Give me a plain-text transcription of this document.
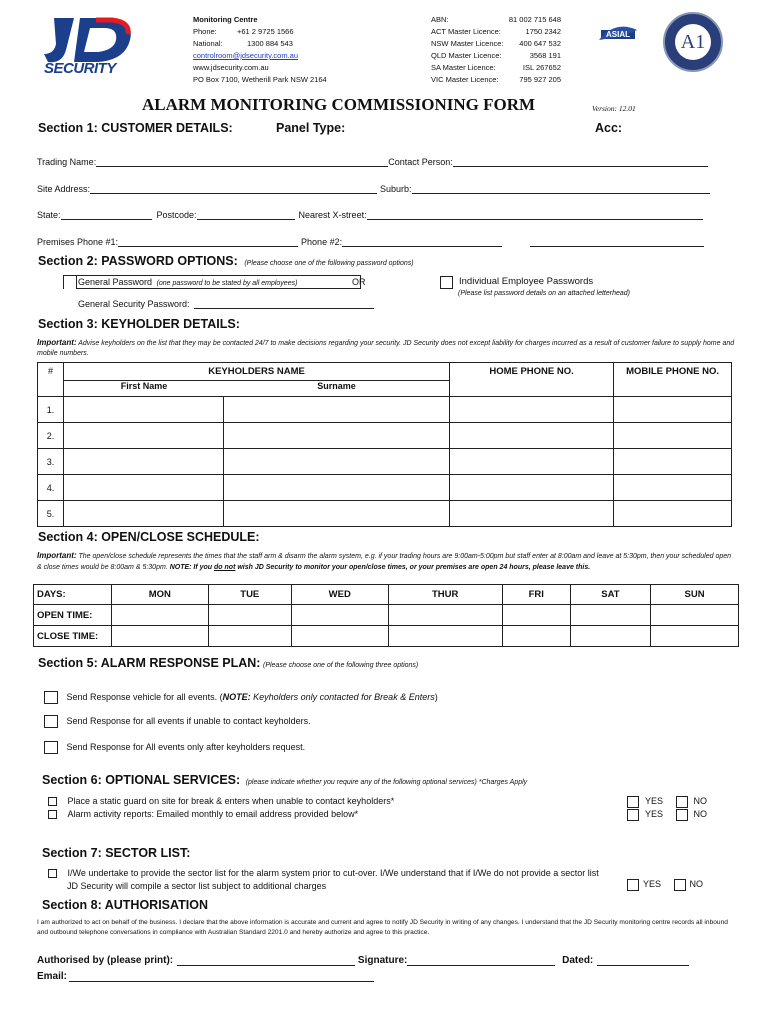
SECURITY
Monitoring Centre
Phone:	+61 2 9725 1566
National:	1300 884 543
controlroom@jdsecurity.com.au
www.jdsecurity.com.au
PO Box 7100, Wetherill Park NSW 2164
ABN:	81 002 715 648
ACT Master Licence:	1750 2342
NSW Master Licence: 400 647 532
QLD Master Licence:	3568 191
SA Master Licence:	ISL 267652
VIC Master Licence:	795 927 205
ASIAL
	A1
ALARM MONITORING COMMISSIONING FORM	Version: 12.01
Section 1: CUSTOMER DETAILS:	Panel Type:	Acc:
Trading Name:	Contact Person:
Site Address:	Suburb:
State:	Postcode:	Nearest X-street:
Premises Phone #1:	Phone #2:
Section 2: PASSWORD OPTIONS: (Please choose one of the following password options)
General Password (one password to be stated by all employees)	OR	Individual Employee Passwords
(Please list password details on an attached letterhead)
General Security Password:
Section 3: KEYHOLDER DETAILS:
Important: Advise keyholders on the list that they may be contacted 24/7 to make decisions regarding your security. JD Security does not except liability for charges incurred as a result of customer failure to supply home and mobile numbers.
#	KEYHOLDERS NAME
First Name Surname		HOME PHONE NO.	MOBILE PHONE NO.
1.				
2.				
3.				
4.				
5.				
Section 4: OPEN/CLOSE SCHEDULE:
Important: The open/close schedule represents the times that the staff arm & disarm the alarm system, e.g. if your trading hours are 9:00am-5:00pm but staff enter at 8:00am and leave at 5:30pm, then your scheduled open & close times would be 8:00am & 5:30pm. NOTE: If you do not wish JD Security to monitor your open/close times, or your premises are open 24 hours, please leave this.
DAYS:	MON	TUE	WED	THUR	FRI	SAT	SUN
OPEN TIME:							
CLOSE TIME:							
Section 5: ALARM RESPONSE PLAN: (Please choose one of the following three options)
Send Response vehicle for all events. (NOTE: Keyholders only contacted for Break & Enters)
Send Response for all events if unable to contact keyholders.
Send Response for All events only after keyholders request.
Section 6: OPTIONAL SERVICES: (please indicate whether you require any of the following optional services) *Charges Apply
Place a static guard on site for break & enters when unable to contact keyholders*
Alarm activity reports: Emailed monthly to email address provided below*
YES	NO
YES	NO
Section 7: SECTOR LIST:
I/We undertake to provide the sector list for the alarm system prior to cut-over. I/We understand that if I/We do not provide a sector list
JD Security will compile a sector list subject to additional charges	YES	NO
Section 8: AUTHORISATION
I am authorized to act on behalf of the business. I declare that the above information is accurate and current and agree to notify JD Security in writing of any changes. I understand that the JD Security monitoring centre records all inbound and outbound telephone conversations in compliance with Australian Standard 2201.0 and hereby authorize and agree to this practice.
Authorised by (please print):	Signature:	Dated:
Email:
